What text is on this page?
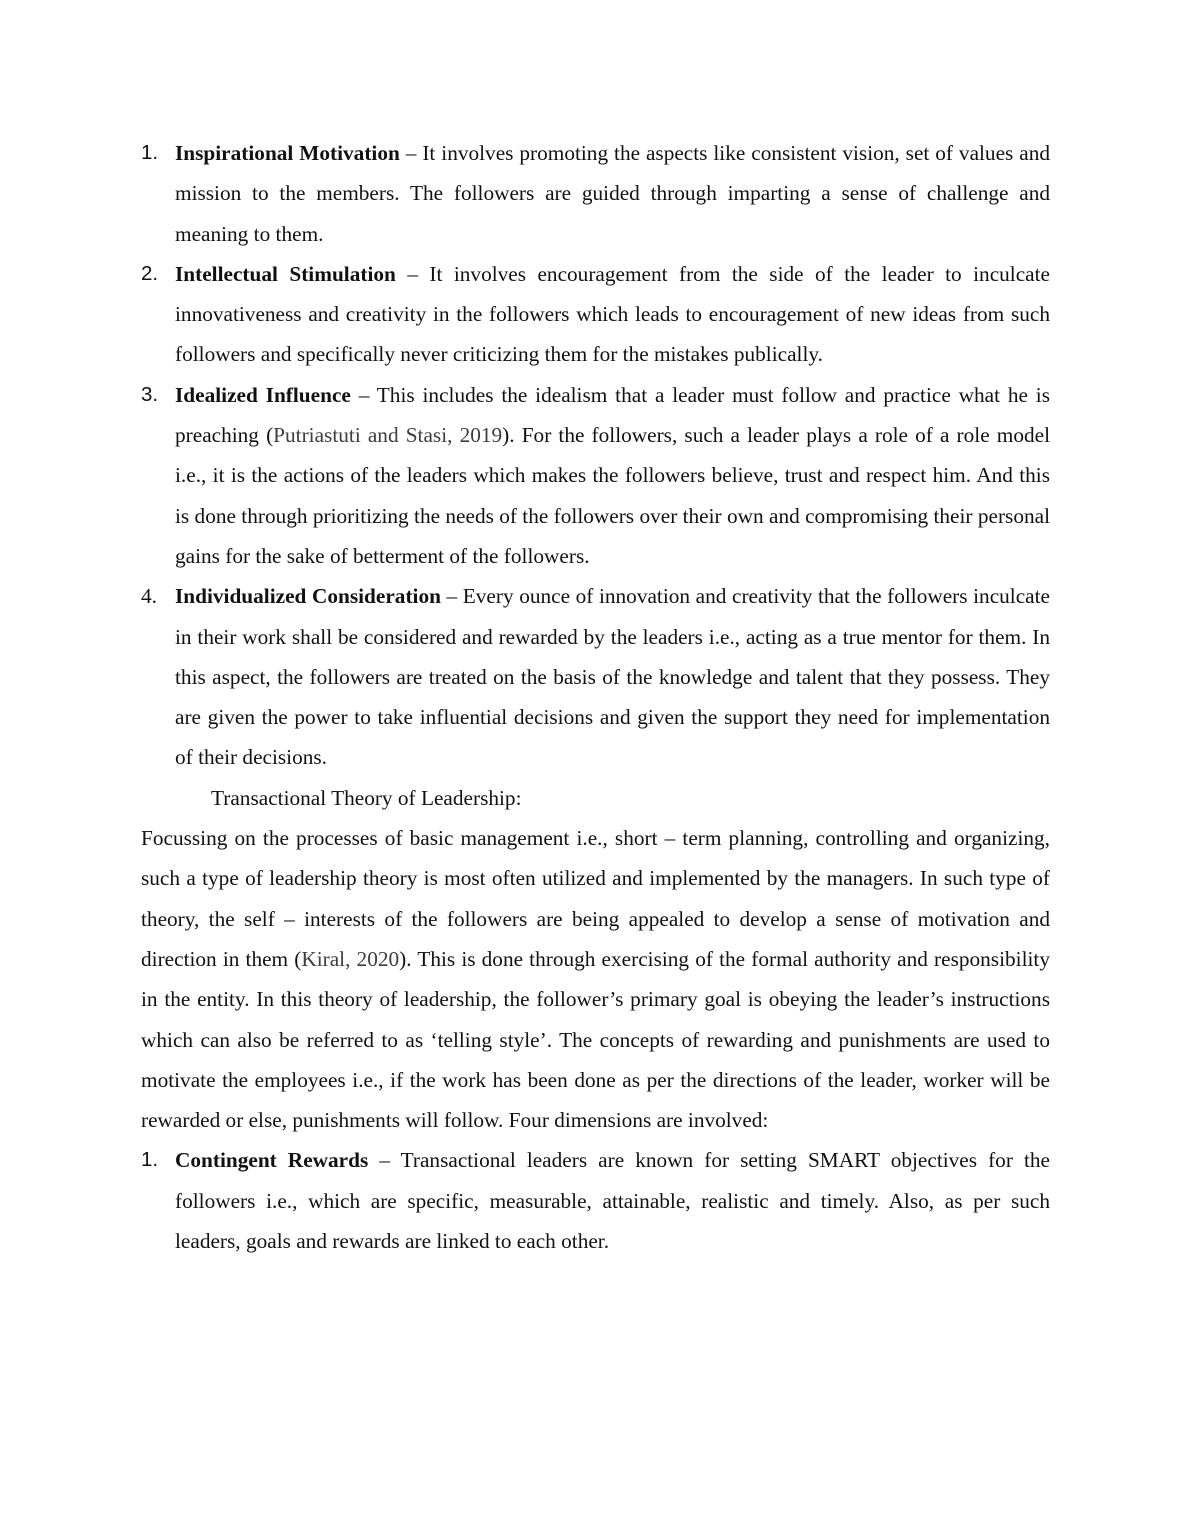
1. Inspirational Motivation – It involves promoting the aspects like consistent vision, set of values and mission to the members. The followers are guided through imparting a sense of challenge and meaning to them.
2. Intellectual Stimulation – It involves encouragement from the side of the leader to inculcate innovativeness and creativity in the followers which leads to encouragement of new ideas from such followers and specifically never criticizing them for the mistakes publically.
3. Idealized Influence – This includes the idealism that a leader must follow and practice what he is preaching (Putriastuti and Stasi, 2019). For the followers, such a leader plays a role of a role model i.e., it is the actions of the leaders which makes the followers believe, trust and respect him. And this is done through prioritizing the needs of the followers over their own and compromising their personal gains for the sake of betterment of the followers.
4. Individualized Consideration – Every ounce of innovation and creativity that the followers inculcate in their work shall be considered and rewarded by the leaders i.e., acting as a true mentor for them. In this aspect, the followers are treated on the basis of the knowledge and talent that they possess. They are given the power to take influential decisions and given the support they need for implementation of their decisions.
Transactional Theory of Leadership:

Focussing on the processes of basic management i.e., short – term planning, controlling and organizing, such a type of leadership theory is most often utilized and implemented by the managers. In such type of theory, the self – interests of the followers are being appealed to develop a sense of motivation and direction in them (Kiral, 2020). This is done through exercising of the formal authority and responsibility in the entity. In this theory of leadership, the follower’s primary goal is obeying the leader’s instructions which can also be referred to as ‘telling style’. The concepts of rewarding and punishments are used to motivate the employees i.e., if the work has been done as per the directions of the leader, worker will be rewarded or else, punishments will follow. Four dimensions are involved:

1. Contingent Rewards – Transactional leaders are known for setting SMART objectives for the followers i.e., which are specific, measurable, attainable, realistic and timely. Also, as per such leaders, goals and rewards are linked to each other.
